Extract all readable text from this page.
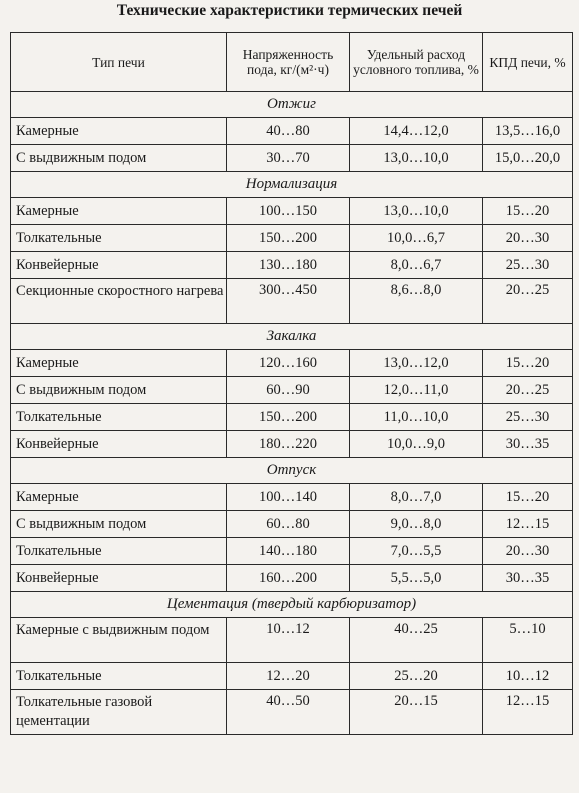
Технические характеристики термических печей
Тип печи	Напряженность пода, кг/(м²·ч)	Удельный расход условного топлива, %	КПД печи, %
Отжиг			
Камерные	40…80	14,4…12,0	13,5…16,0
С выдвижным подом	30…70	13,0…10,0	15,0…20,0
Нормализация			
Камерные	100…150	13,0…10,0	15…20
Толкательные	150…200	10,0…6,7	20…30
Конвейерные	130…180	8,0…6,7	25…30
Секционные скоростного нагрева	300…450	8,6…8,0	20…25
Закалка			
Камерные	120…160	13,0…12,0	15…20
С выдвижным подом	60…90	12,0…11,0	20…25
Толкательные	150…200	11,0…10,0	25…30
Конвейерные	180…220	10,0…9,0	30…35
Отпуск			
Камерные	100…140	8,0…7,0	15…20
С выдвижным подом	60…80	9,0…8,0	12…15
Толкательные	140…180	7,0…5,5	20…30
Конвейерные	160…200	5,5…5,0	30…35
Цементация (твердый карбюризатор)			
Камерные с выдвижным подом	10…12	40…25	5…10
Толкательные	12…20	25…20	10…12
Толкательные газовой цементации	40…50	20…15	12…15
